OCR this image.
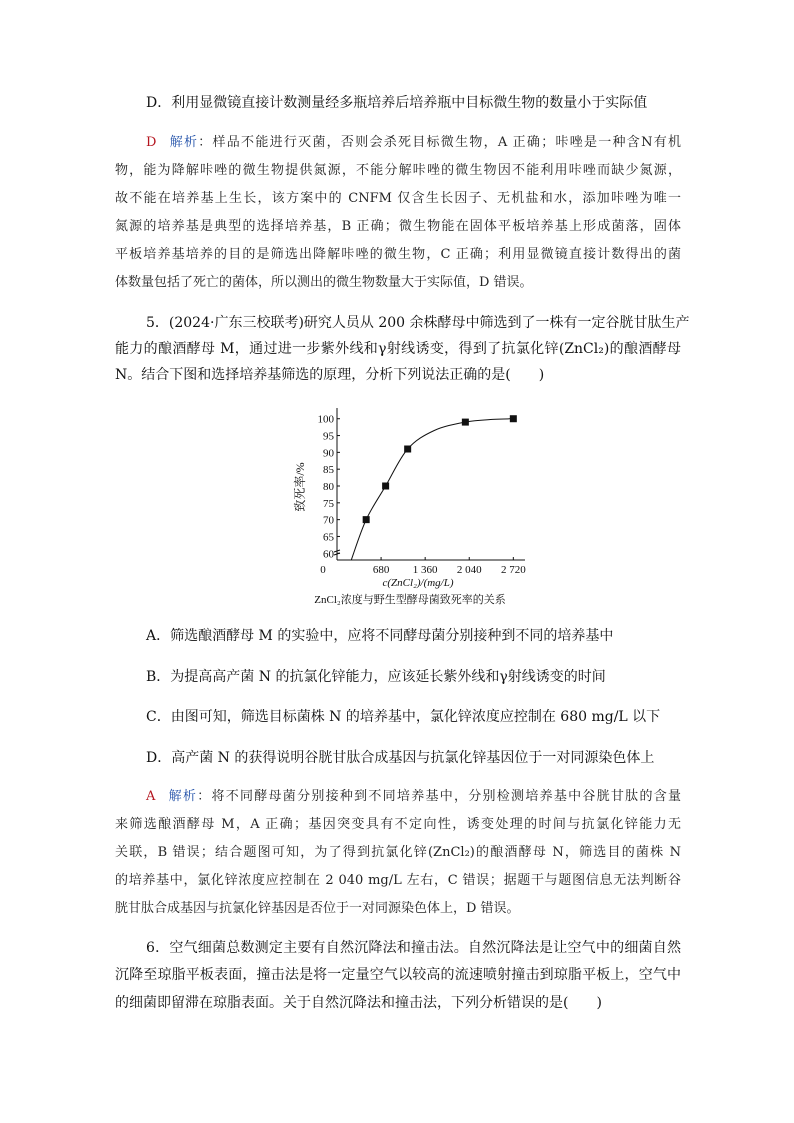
D．利用显微镜直接计数测量经多瓶培养后培养瓶中目标微生物的数量小于实际值
D 解析：样品不能进行灭菌，否则会杀死目标微生物，A 正确；咔唑是一种含N有机
物，能为降解咔唑的微生物提供氮源，不能分解咔唑的微生物因不能利用咔唑而缺少氮源，
故不能在培养基上生长，该方案中的 CNFM 仅含生长因子、无机盐和水，添加咔唑为唯一
氮源的培养基是典型的选择培养基，B 正确；微生物能在固体平板培养基上形成菌落，固体
平板培养基培养的目的是筛选出降解咔唑的微生物，C 正确；利用显微镜直接计数得出的菌
体数量包括了死亡的菌体，所以测出的微生物数量大于实际值，D 错误。
5．(2024·广东三校联考)研究人员从 200 余株酵母中筛选到了一株有一定谷胱甘肽生产
能力的酿酒酵母 M，通过进一步紫外线和γ射线诱变，得到了抗氯化锌(ZnCl₂)的酿酒酵母
N。结合下图和选择培养基筛选的原理，分析下列说法正确的是(　　)
60
65
70
75
80
85
90
95
100
0	680 1 360 2 040 2 720
致死率/%
c(ZnCl₂)/(mg/L)
ZnCl₂浓度与野生型酵母菌致死率的关系
A．筛选酿酒酵母 M 的实验中，应将不同酵母菌分别接种到不同的培养基中
B．为提高高产菌 N 的抗氯化锌能力，应该延长紫外线和γ射线诱变的时间
C．由图可知，筛选目标菌株 N 的培养基中，氯化锌浓度应控制在 680 mg/L 以下
D．高产菌 N 的获得说明谷胱甘肽合成基因与抗氯化锌基因位于一对同源染色体上
A 解析：将不同酵母菌分别接种到不同培养基中，分别检测培养基中谷胱甘肽的含量
来筛选酿酒酵母 M，A 正确；基因突变具有不定向性，诱变处理的时间与抗氯化锌能力无
关联，B 错误；结合题图可知，为了得到抗氯化锌(ZnCl₂)的酿酒酵母 N，筛选目的菌株 N
的培养基中，氯化锌浓度应控制在 2 040 mg/L 左右，C 错误；据题干与题图信息无法判断谷
胱甘肽合成基因与抗氯化锌基因是否位于一对同源染色体上，D 错误。
6．空气细菌总数测定主要有自然沉降法和撞击法。自然沉降法是让空气中的细菌自然
沉降至琼脂平板表面，撞击法是将一定量空气以较高的流速喷射撞击到琼脂平板上，空气中
的细菌即留滞在琼脂表面。关于自然沉降法和撞击法，下列分析错误的是(　　)
